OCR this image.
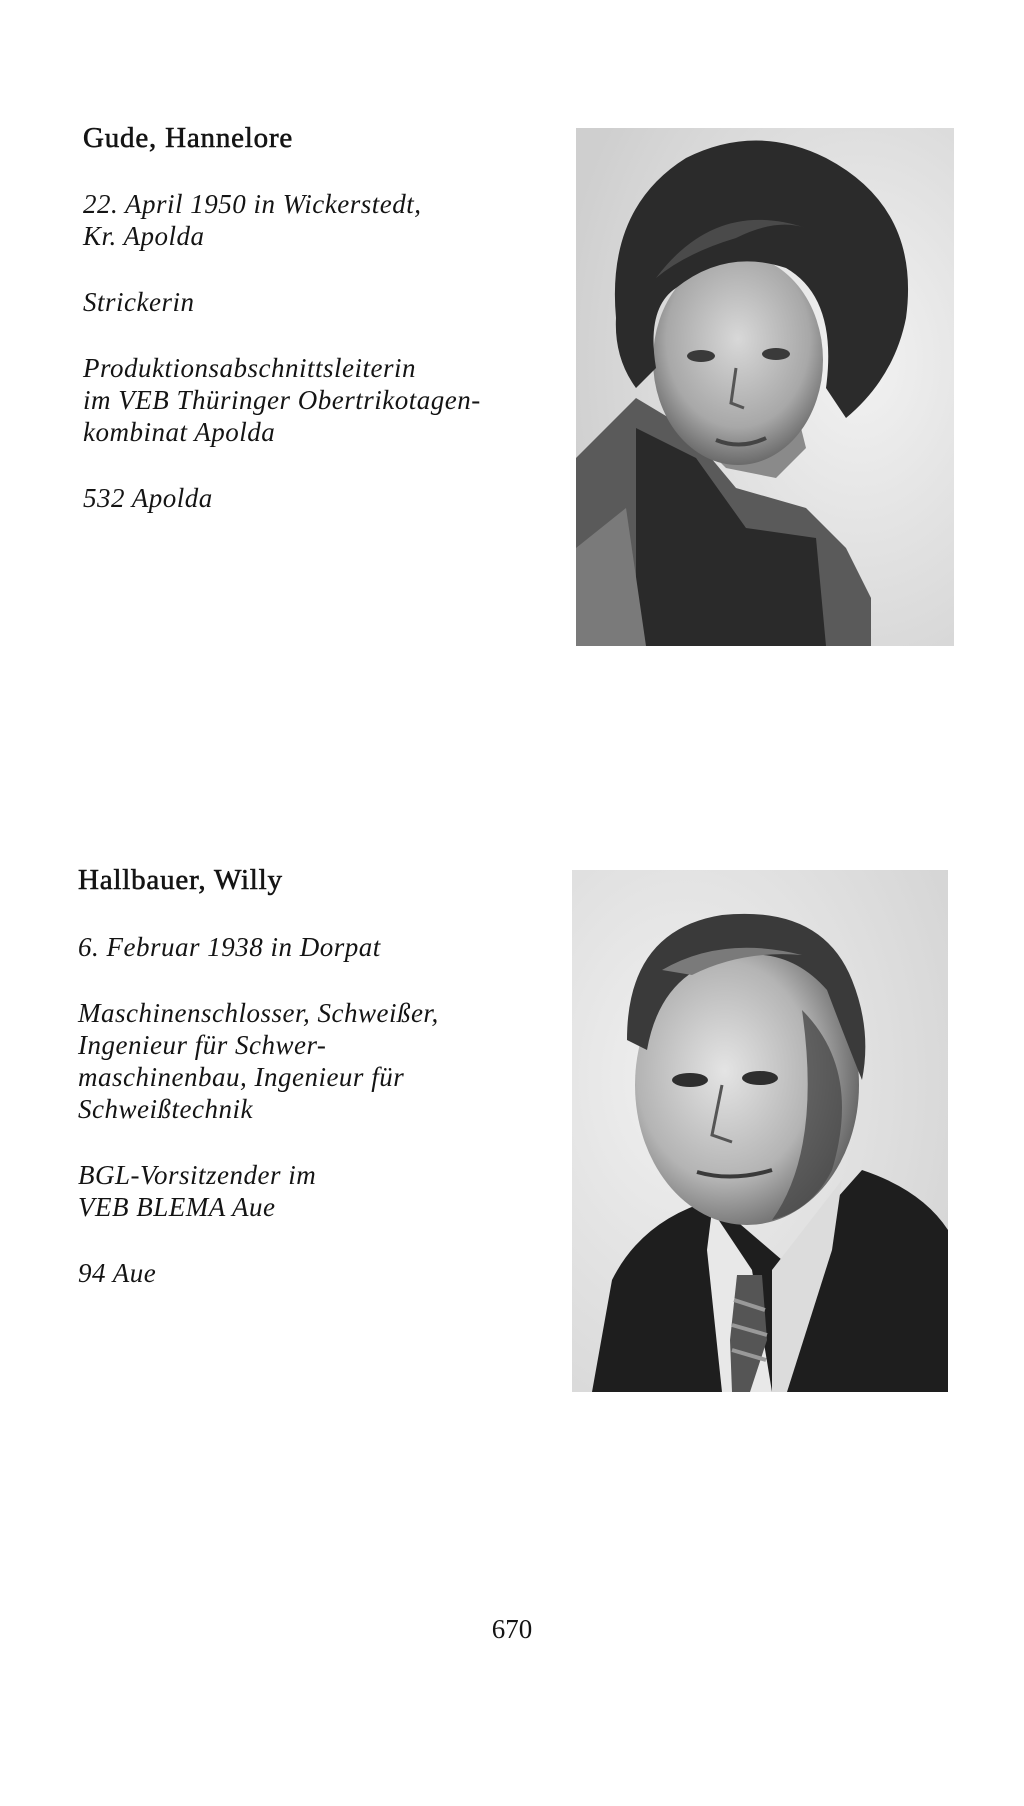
Gude, Hannelore

22. April 1950 in Wickerstedt,

Kr. Apolda

Strickerin

Produktionsabschnittsleiterin

im VEB Thüringer Obertrikotagen-

kombinat Apolda

532 Apolda

Hallbauer, Willy

6. Februar 1938 in Dorpat

Maschinenschlosser, Schweißer,

Ingenieur für Schwer-

maschinenbau, Ingenieur für

Schweißtechnik

BGL-Vorsitzender im

VEB BLEMA Aue

94 Aue

670
